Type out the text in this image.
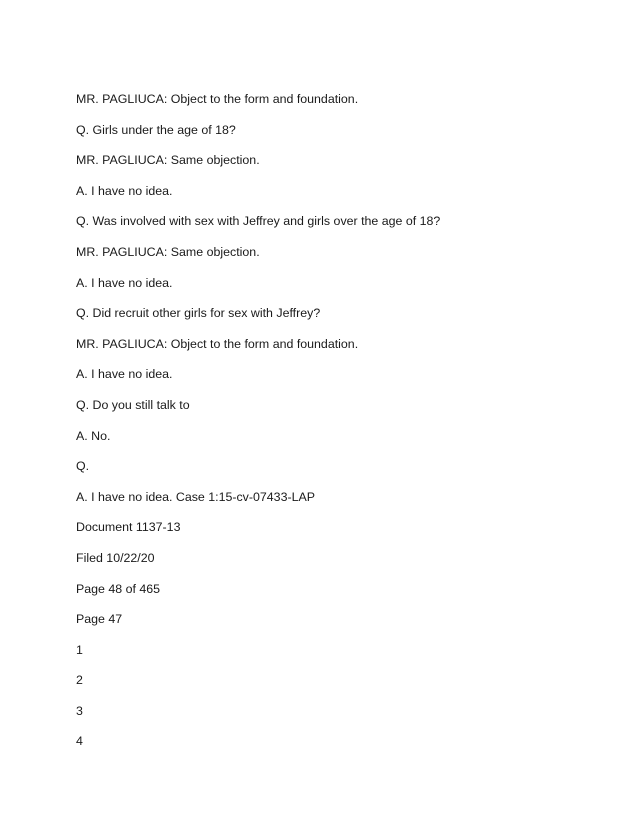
MR. PAGLIUCA: Object to the form and foundation.
Q. Girls under the age of 18?
MR. PAGLIUCA: Same objection.
A. I have no idea.
Q. Was involved with sex with Jeffrey and girls over the age of 18?
MR. PAGLIUCA: Same objection.
A. I have no idea.
Q. Did recruit other girls for sex with Jeffrey?
MR. PAGLIUCA: Object to the form and foundation.
A. I have no idea.
Q. Do you still talk to
A. No.
Q.
A. I have no idea. Case 1:15-cv-07433-LAP
Document 1137-13
Filed 10/22/20
Page 48 of 465
Page 47
1
2
3
4
